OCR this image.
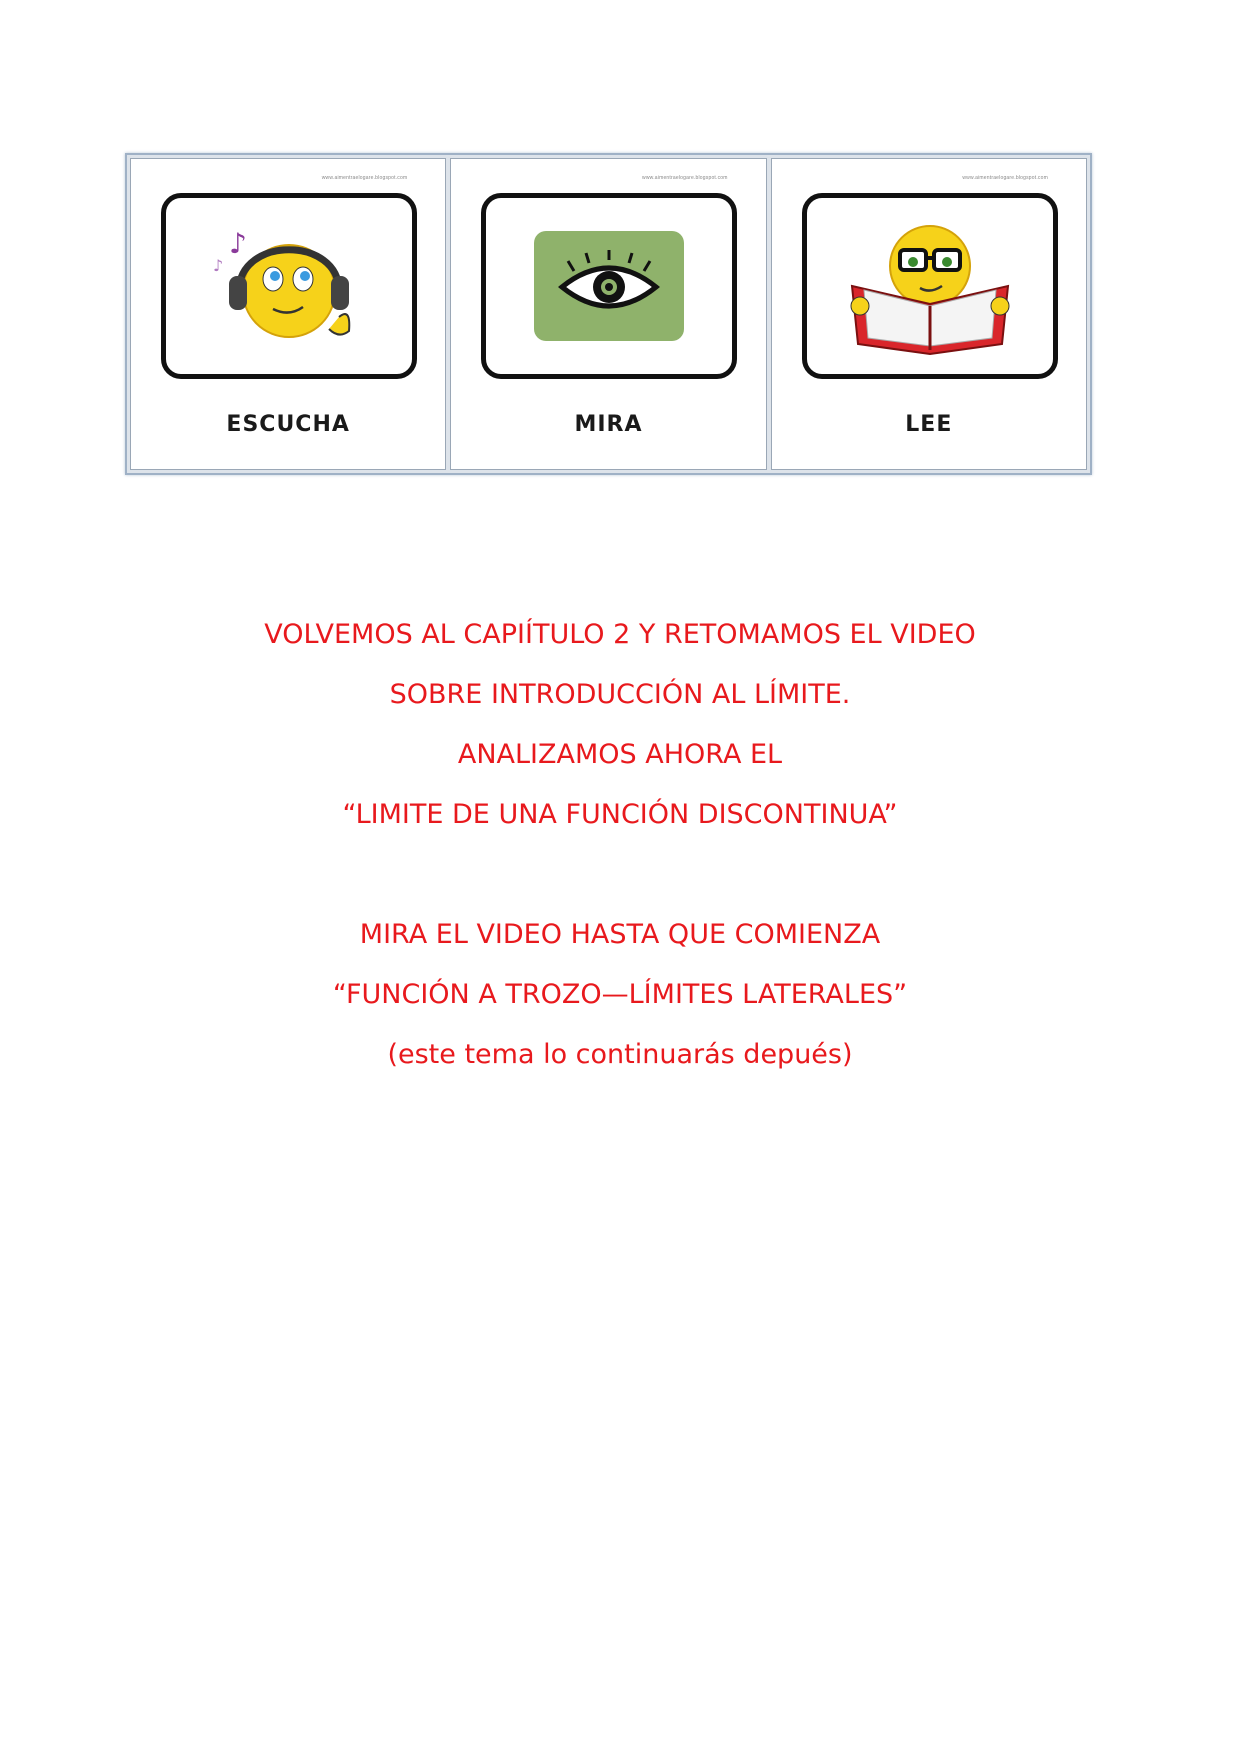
www.aimentraelogare.blogspot.com
♪
♪
ESCUCHA
www.aimentraelogare.blogspot.com
MIRA
www.aimentraelogare.blogspot.com
LEE
VOLVEMOS AL CAPIÍTULO 2 Y RETOMAMOS EL VIDEO
SOBRE INTRODUCCIÓN AL LÍMITE.
ANALIZAMOS AHORA EL
“LIMITE DE UNA FUNCIÓN DISCONTINUA”
MIRA EL VIDEO HASTA QUE COMIENZA
“FUNCIÓN A TROZO—LÍMITES LATERALES”
(este tema lo continuarás depués)
